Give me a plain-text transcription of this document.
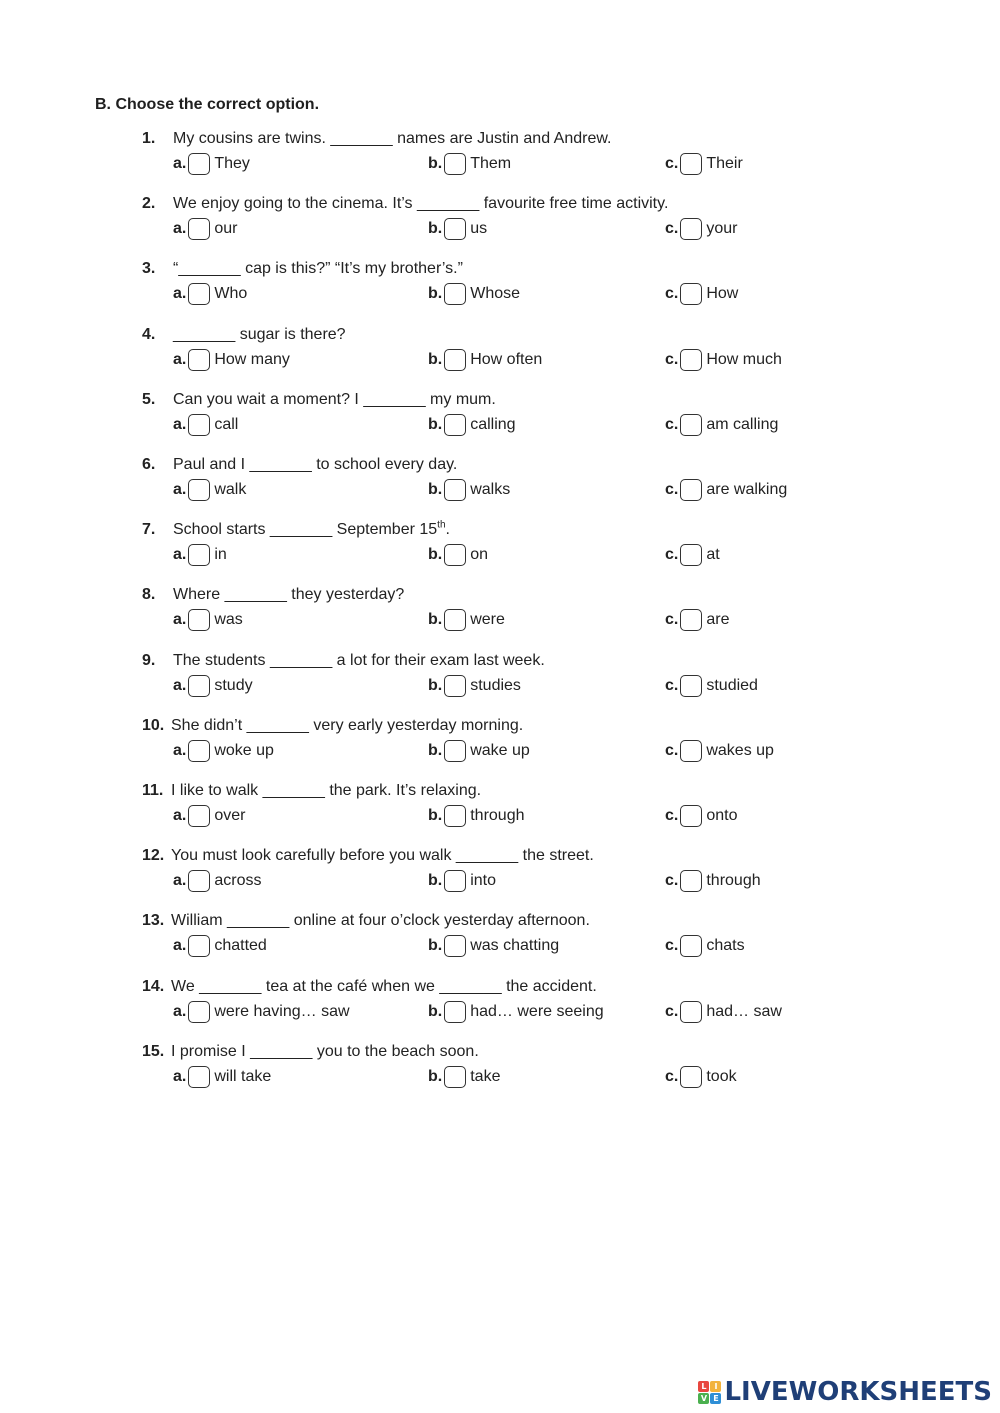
B. Choose the correct option.
1. My cousins are twins. _______ names are Justin and Andrew.
a. They	b. Them	c. Their
2. We enjoy going to the cinema. It’s _______ favourite free time activity.
a. our	b. us	c. your
3. “_______ cap is this?” “It’s my brother’s.”
a. Who	b. Whose	c. How
4. _______ sugar is there?
a. How many	b. How often	c. How much
5. Can you wait a moment? I _______ my mum.
a. call	b. calling	c. am calling
6. Paul and I _______ to school every day.
a. walk	b. walks	c. are walking
7. School starts _______ September 15th.
a. in	b. on	c. at
8. Where _______ they yesterday?
a. was	b. were	c. are
9. The students _______ a lot for their exam last week.
a. study	b. studies	c. studied
10. She didn’t _______ very early yesterday morning.
a. woke up	b. wake up	c. wakes up
11. I like to walk _______ the park. It’s relaxing.
a. over	b. through	c. onto
12. You must look carefully before you walk _______ the street.
a. across	b. into	c. through
13. William _______ online at four o’clock yesterday afternoon.
a. chatted	b. was chatting	c. chats
14. We _______ tea at the café when we _______ the accident.
a. were having… saw	b. had… were seeing	c. had… saw
15. I promise I _______ you to the beach soon.
a. will take	b. take	c. took
L I
V E LIVEWORKSHEETS
